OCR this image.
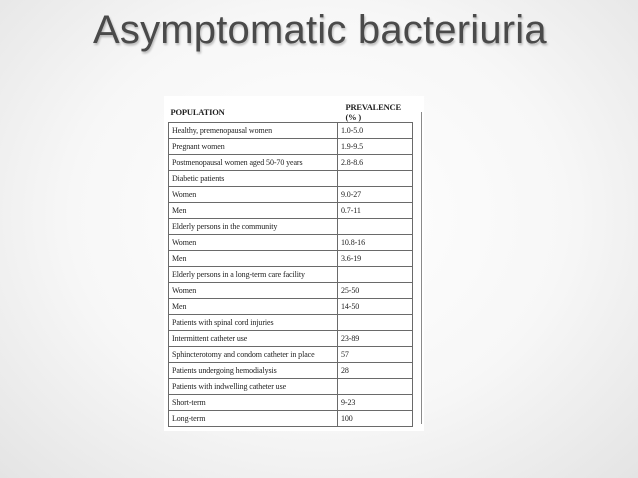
Asymptomatic bacteriuria
POPULATION	PREVALENCE (% )
Healthy, premenopausal women	1.0-5.0
Pregnant women	1.9-9.5
Postmenopausal women aged 50-70 years	2.8-8.6
Diabetic patients	
Women	9.0-27
Men	0.7-11
Elderly persons in the community	
Women	10.8-16
Men	3.6-19
Elderly persons in a long-term care facility	
Women	25-50
Men	14-50
Patients with spinal cord injuries	
Intermittent catheter use	23-89
Sphincterotomy and condom catheter in place	57
Patients undergoing hemodialysis	28
Patients with indwelling catheter use	
Short-term	9-23
Long-term	100
